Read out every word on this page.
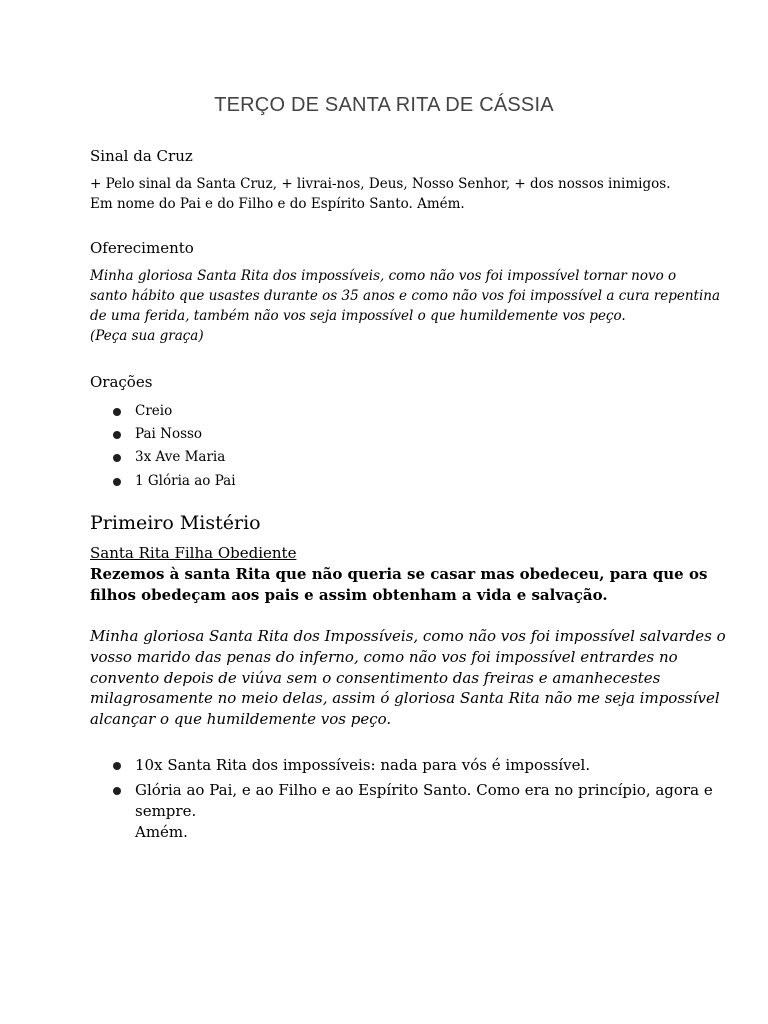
TERÇO DE SANTA RITA DE CÁSSIA
Sinal da Cruz
+ Pelo sinal da Santa Cruz, + livrai-nos, Deus, Nosso Senhor, + dos nossos inimigos.
Em nome do Pai e do Filho e do Espírito Santo. Amém.
Oferecimento
Minha gloriosa Santa Rita dos impossíveis, como não vos foi impossível tornar novo o
santo hábito que usastes durante os 35 anos e como não vos foi impossível a cura repentina
de uma ferida, também não vos seja impossível o que humildemente vos peço.
(Peça sua graça)
Orações
Creio
Pai Nosso
3x Ave Maria
1 Glória ao Pai
Primeiro Mistério
Santa Rita Filha Obediente
Rezemos à santa Rita que não queria se casar mas obedeceu, para que os
filhos obedeçam aos pais e assim obtenham a vida e salvação.
Minha gloriosa Santa Rita dos Impossíveis, como não vos foi impossível salvardes o
vosso marido das penas do inferno, como não vos foi impossível entrardes no
convento depois de viúva sem o consentimento das freiras e amanhecestes
milagrosamente no meio delas, assim ó gloriosa Santa Rita não me seja impossível
alcançar o que humildemente vos peço.
10x Santa Rita dos impossíveis: nada para vós é impossível.
Glória ao Pai, e ao Filho e ao Espírito Santo. Como era no princípio, agora e
sempre.
Amém.
